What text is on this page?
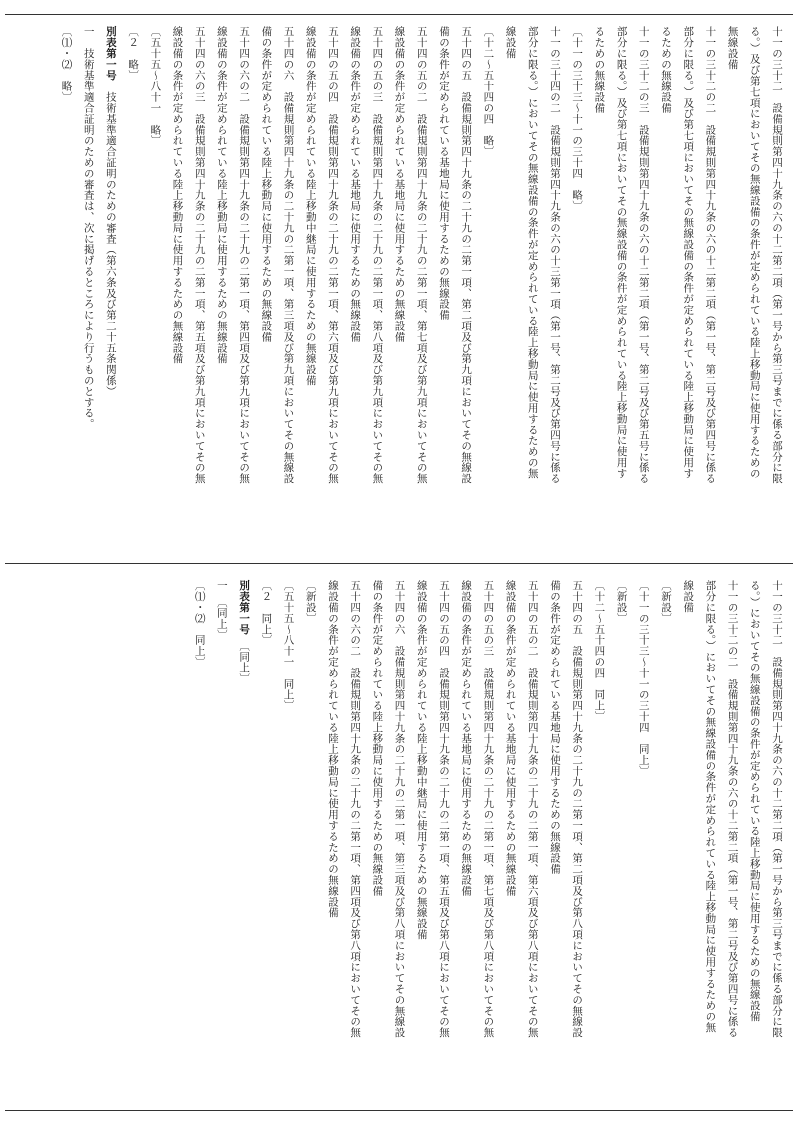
十一の三十二　設備規則第四十九条の六の十二第二項（第一号から第三号までに係る部分に限

る。）及び第七項においてその無線設備の条件が定められている陸上移動局に使用するための

無線設備

十一の三十二の二　設備規則第四十九条の六の十二第二項（第一号、第二号及び第四号に係る

部分に限る。）及び第七項においてその無線設備の条件が定められている陸上移動局に使用す

るための無線設備

十一の三十二の三　設備規則第四十九条の六の十二第二項（第一号、第二号及び第五号に係る

部分に限る。）及び第七項においてその無線設備の条件が定められている陸上移動局に使用す

るための無線設備

〔十一の三十三～十一の三十四　略〕

十一の三十四の二　設備規則第四十九条の六の十三第一項（第一号、第二号及び第四号に係る

部分に限る。）においてその無線設備の条件が定められている陸上移動局に使用するための無

線設備

〔十二～五十四の四　略〕

五十四の五　設備規則第四十九条の二十九の二第一項、第二項及び第九項においてその無線設

備の条件が定められている基地局に使用するための無線設備

五十四の五の二　設備規則第四十九条の二十九の二第一項、第七項及び第九項においてその無

線設備の条件が定められている基地局に使用するための無線設備

五十四の五の三　設備規則第四十九条の二十九の二第一項、第八項及び第九項においてその無

線設備の条件が定められている基地局に使用するための無線設備

五十四の五の四　設備規則第四十九条の二十九の二第一項、第六項及び第九項においてその無

線設備の条件が定められている陸上移動中継局に使用するための無線設備

五十四の六　設備規則第四十九条の二十九の二第一項、第三項及び第九項においてその無線設

備の条件が定められている陸上移動局に使用するための無線設備

五十四の六の二　設備規則第四十九条の二十九の二第一項、第四項及び第九項においてその無

線設備の条件が定められている陸上移動局に使用するための無線設備

五十四の六の三　設備規則第四十九条の二十九の二第一項、第五項及び第九項においてその無

線設備の条件が定められている陸上移動局に使用するための無線設備

〔五十五～八十一　略〕

〔２　略〕

別表第一号　技術基準適合証明のための審査（第六条及び第二十五条関係）

一　技術基準適合証明のための審査は、次に掲げるところにより行うものとする。

〔⑴・⑵　略〕

十一の三十二　設備規則第四十九条の六の十二第二項（第一号から第三号までに係る部分に限

る。）においてその無線設備の条件が定められている陸上移動局に使用するための無線設備

十一の三十二の二　設備規則第四十九条の六の十二第二項（第一号、第二号及び第四号に係る

部分に限る。）においてその無線設備の条件が定められている陸上移動局に使用するための無

線設備

〔新設〕

〔十一の三十三～十一の三十四　同上〕

〔新設〕

〔十二～五十四の四　同上〕

五十四の五　設備規則第四十九条の二十九の二第一項、第二項及び第八項においてその無線設

備の条件が定められている基地局に使用するための無線設備

五十四の五の二　設備規則第四十九条の二十九の二第一項、第六項及び第八項においてその無

線設備の条件が定められている基地局に使用するための無線設備

五十四の五の三　設備規則第四十九条の二十九の二第一項、第七項及び第八項においてその無

線設備の条件が定められている基地局に使用するための無線設備

五十四の五の四　設備規則第四十九条の二十九の二第一項、第五項及び第八項においてその無

線設備の条件が定められている陸上移動中継局に使用するための無線設備

五十四の六　設備規則第四十九条の二十九の二第一項、第三項及び第八項においてその無線設

備の条件が定められている陸上移動局に使用するための無線設備

五十四の六の二　設備規則第四十九条の二十九の二第一項、第四項及び第八項においてその無

線設備の条件が定められている陸上移動局に使用するための無線設備

〔新設〕

〔五十五～八十一　同上〕

〔２　同上〕

別表第一号　〔同上〕

一　〔同上〕

〔⑴・⑵　同上〕
